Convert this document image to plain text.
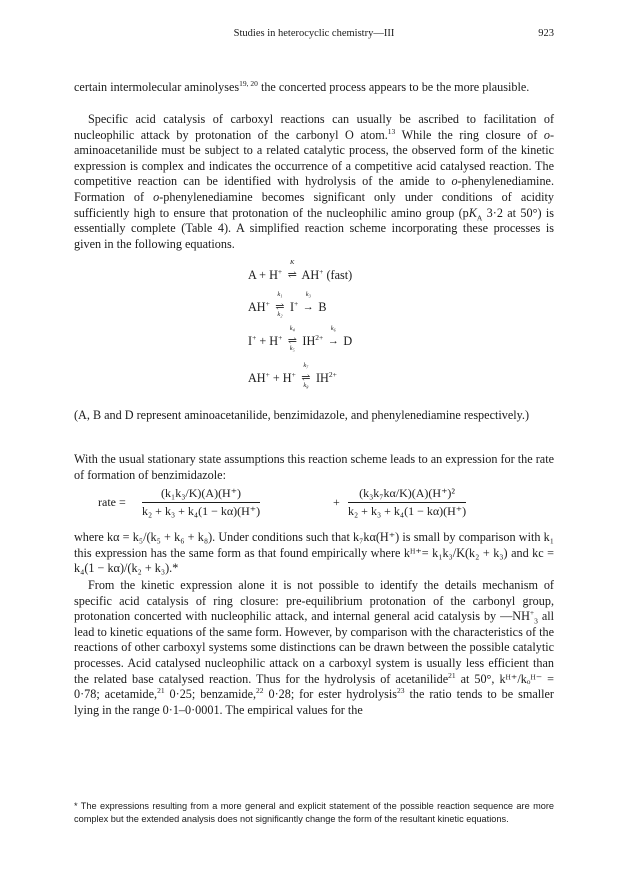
Studies in heterocyclic chemistry—III	923

certain intermolecular aminolyses$^{19, 20}$ the concerted process appears to be the more plausible.

Specific acid catalysis of carboxyl reactions can usually be ascribed to facilitation of nucleophilic attack by protonation of the carbonyl O atom.$^{13}$ While the ring closure of o-aminoacetanilide must be subject to a related catalytic process, the observed form of the kinetic expression is complex and indicates the occurrence of a competitive acid catalysed reaction. The competitive reaction can be identified with hydrolysis of the amide to o-phenylenediamine. Formation of o-phenylenediamine becomes significant only under conditions of acidity sufficiently high to ensure that protonation of the nucleophilic amino group ($pK_A$ 3·2 at 50°) is essentially complete (Table 4). A simplified reaction scheme incorporating these processes is given in the following equations.

A + H+
K
⇌ AH+ (fast)
AH+
k₁
⇌
k₂
I+
k₃
→ B
I+ + H+
k₄
⇌
k₅
$IH^{2+}$
k₆
→ D
AH+ + H+
k₇
⇌
k₈
$IH^{2+}$

(A, B and D represent aminoacetanilide, benzimidazole, and phenylenediamine respectively.)

With the usual stationary state assumptions this reaction scheme leads to an expression for the rate of formation of benzimidazole:

rate = $\frac{\text{(k₁k₃/K)(A)(H⁺)}}{\text{k₂ + k₃ + k₄(1 − kα)(H⁺)}}$	+ $\frac{\text{(k₃k₇kα/K)(A)(H⁺)²}}{\text{k₂ + k₃ + k₄(1 − kα)(H⁺)}}$

where kα = k₅/(k₅ + k₆ + k₈). Under conditions such that k₇kα(H⁺) is small by comparison with k₁ this expression has the same form as that found empirically where kᴴ⁺= k₁k₃/K(k₂ + k₃) and kc = k₄(1 − kα)/(k₂ + k₃).*

From the kinetic expression alone it is not possible to identify the details mechanism of specific acid catalysis of ring closure: pre-equilibrium protonation of the carbonyl group, protonation concerted with nucleophilic attack, and internal general acid catalysis by $—NH^+_3$ all lead to kinetic equations of the same form. However, by comparison with the characteristics of the reactions of other carboxyl systems some distinctions can be drawn between the possible catalytic processes. Acid catalysed nucleophilic attack on a carboxyl system is usually less efficient than the related base catalysed reaction. Thus for the hydrolysis of acetanilide$^{21}$ at 50°, kᴴ⁺/kₒᴴ⁻ = 0·78; acetamide,$^{21}$ 0·25; benzamide,$^{22}$ 0·28; for ester hydrolysis$^{23}$ the ratio tends to be smaller lying in the range 0·1–0·0001. The empirical values for the

* The expressions resulting from a more general and explicit statement of the possible reaction sequence are more complex but the extended analysis does not significantly change the form of the resultant kinetic equations.
